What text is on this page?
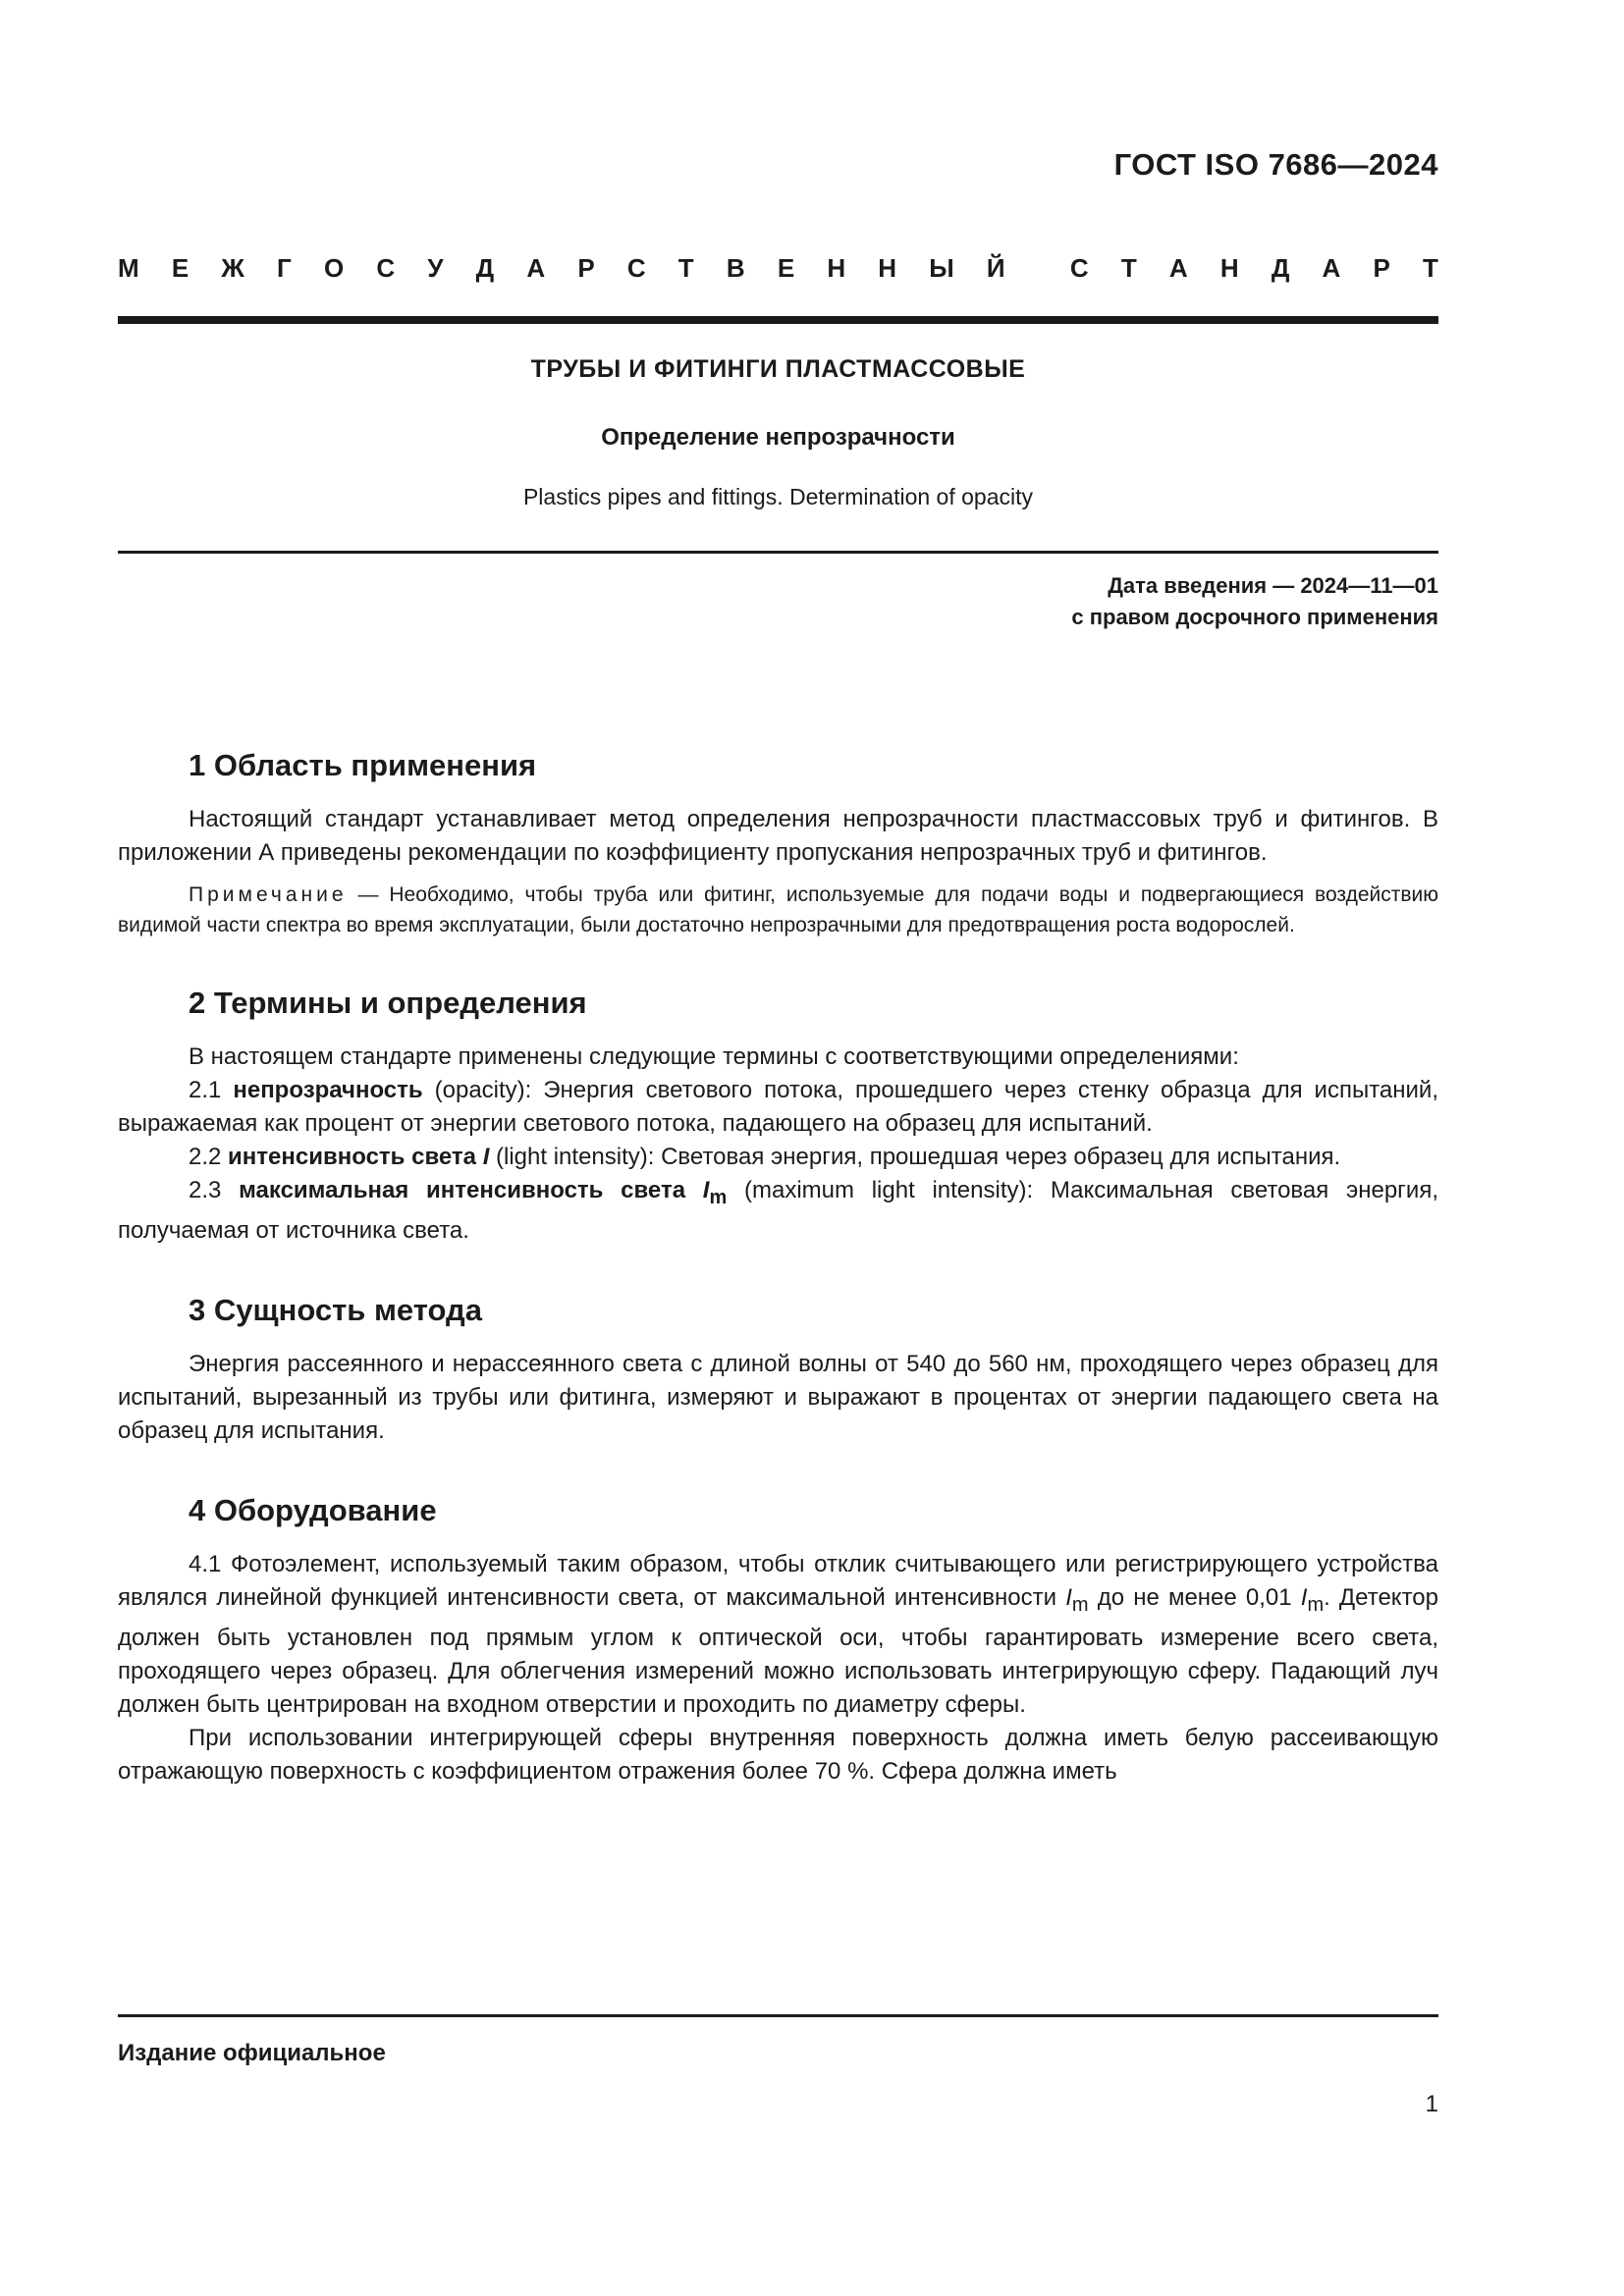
ГОСТ ISO 7686—2024

М Е Ж Г О С У Д А Р С Т В Е Н Н Ы Й	С Т А Н Д А Р Т
ТРУБЫ И ФИТИНГИ ПЛАСТМАССОВЫЕ
Определение непрозрачности
Plastics pipes and fittings. Determination of opacity
Дата введения — 2024—11—01
с правом досрочного применения
1 Область применения

Настоящий стандарт устанавливает метод определения непрозрачности пластмассовых труб и фитингов. В приложении А приведены рекомендации по коэффициенту пропускания непрозрачных труб и фитингов.

Примечание — Необходимо, чтобы труба или фитинг, используемые для подачи воды и подвергающиеся воздействию видимой части спектра во время эксплуатации, были достаточно непрозрачными для предотвращения роста водорослей.

2 Термины и определения

В настоящем стандарте применены следующие термины с соответствующими определениями:

2.1 непрозрачность (opacity): Энергия светового потока, прошедшего через стенку образца для испытаний, выражаемая как процент от энергии светового потока, падающего на образец для испытаний.

2.2 интенсивность света I (light intensity): Световая энергия, прошедшая через образец для испытания.

2.3 максимальная интенсивность света $I_m$ (maximum light intensity): Максимальная световая энергия, получаемая от источника света.

3 Сущность метода

Энергия рассеянного и нерассеянного света с длиной волны от 540 до 560 нм, проходящего через образец для испытаний, вырезанный из трубы или фитинга, измеряют и выражают в процентах от энергии падающего света на образец для испытания.

4 Оборудование

4.1 Фотоэлемент, используемый таким образом, чтобы отклик считывающего или регистрирующего устройства являлся линейной функцией интенсивности света, от максимальной интенсивности $I_m$ до не менее 0,01 $I_m$. Детектор должен быть установлен под прямым углом к оптической оси, чтобы гарантировать измерение всего света, проходящего через образец. Для облегчения измерений можно использовать интегрирующую сферу. Падающий луч должен быть центрирован на входном отверстии и проходить по диаметру сферы.

При использовании интегрирующей сферы внутренняя поверхность должна иметь белую рассеивающую отражающую поверхность с коэффициентом отражения более 70 %. Сфера должна иметь

Издание официальное
1
